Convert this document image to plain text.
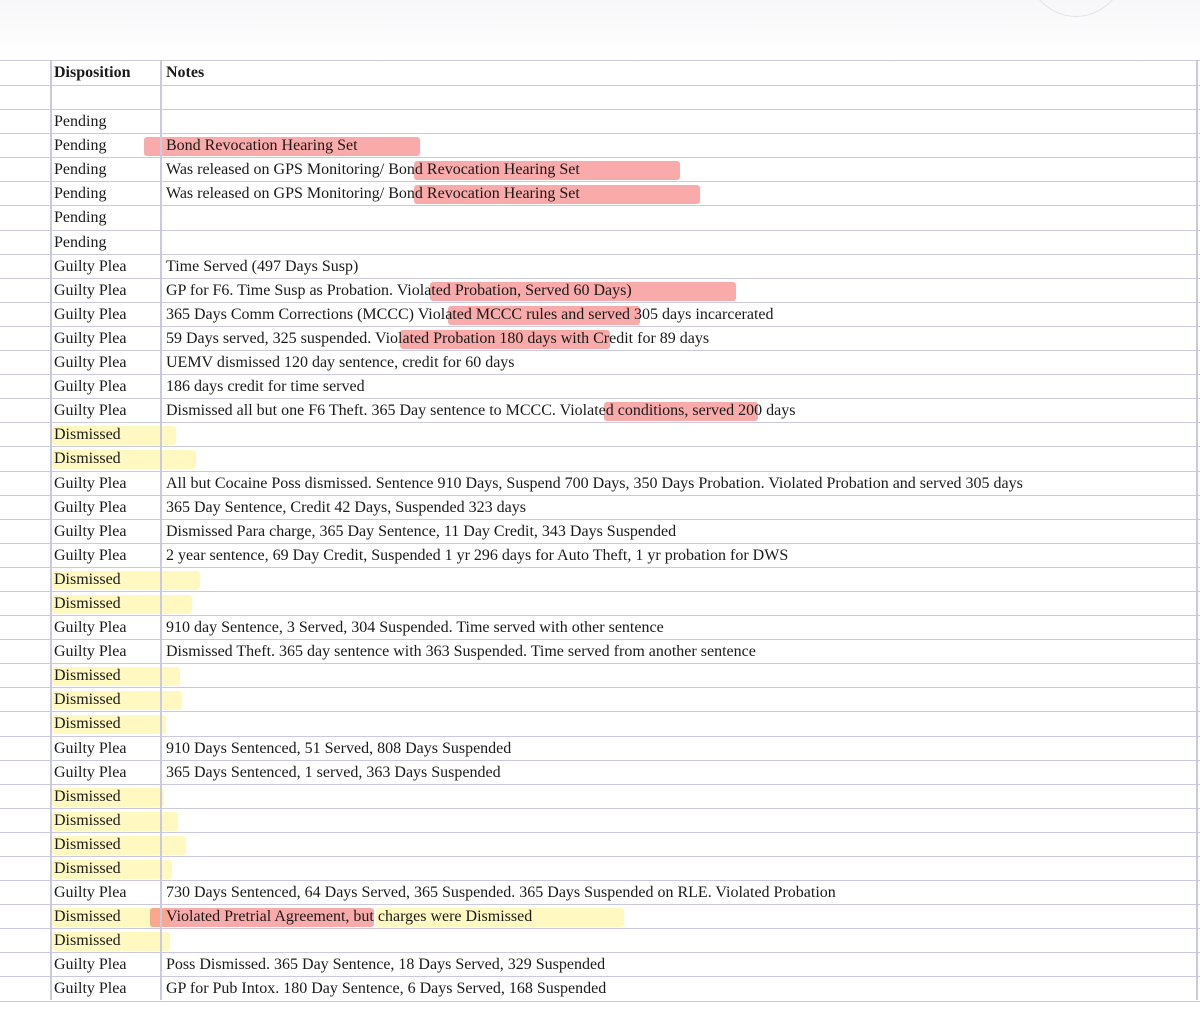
Disposition	Notes
Pending
Pending	Bond Revocation Hearing Set
Pending	Was released on GPS Monitoring/ Bond Revocation Hearing Set
Pending	Was released on GPS Monitoring/ Bond Revocation Hearing Set
Pending
Pending
Guilty Plea	Time Served (497 Days Susp)
Guilty Plea	GP for F6. Time Susp as Probation. Violated Probation, Served 60 Days)
Guilty Plea	365 Days Comm Corrections (MCCC) Violated MCCC rules and served 305 days incarcerated
Guilty Plea	59 Days served, 325 suspended. Violated Probation 180 days with Credit for 89 days
Guilty Plea	UEMV dismissed 120 day sentence, credit for 60 days
Guilty Plea	186 days credit for time served
Guilty Plea	Dismissed all but one F6 Theft. 365 Day sentence to MCCC. Violated conditions, served 200 days
Dismissed
Dismissed
Guilty Plea	All but Cocaine Poss dismissed. Sentence 910 Days, Suspend 700 Days, 350 Days Probation. Violated Probation and served 305 days
Guilty Plea	365 Day Sentence, Credit 42 Days, Suspended 323 days
Guilty Plea	Dismissed Para charge, 365 Day Sentence, 11 Day Credit, 343 Days Suspended
Guilty Plea	2 year sentence, 69 Day Credit, Suspended 1 yr 296 days for Auto Theft, 1 yr probation for DWS
Dismissed
Dismissed
Guilty Plea	910 day Sentence, 3 Served, 304 Suspended. Time served with other sentence
Guilty Plea	Dismissed Theft. 365 day sentence with 363 Suspended. Time served from another sentence
Dismissed
Dismissed
Dismissed
Guilty Plea	910 Days Sentenced, 51 Served, 808 Days Suspended
Guilty Plea	365 Days Sentenced, 1 served, 363 Days Suspended
Dismissed
Dismissed
Dismissed
Dismissed
Guilty Plea	730 Days Sentenced, 64 Days Served, 365 Suspended. 365 Days Suspended on RLE. Violated Probation
Dismissed	Violated Pretrial Agreement, but charges were Dismissed
Dismissed
Guilty Plea	Poss Dismissed. 365 Day Sentence, 18 Days Served, 329 Suspended
Guilty Plea	GP for Pub Intox. 180 Day Sentence, 6 Days Served, 168 Suspended
